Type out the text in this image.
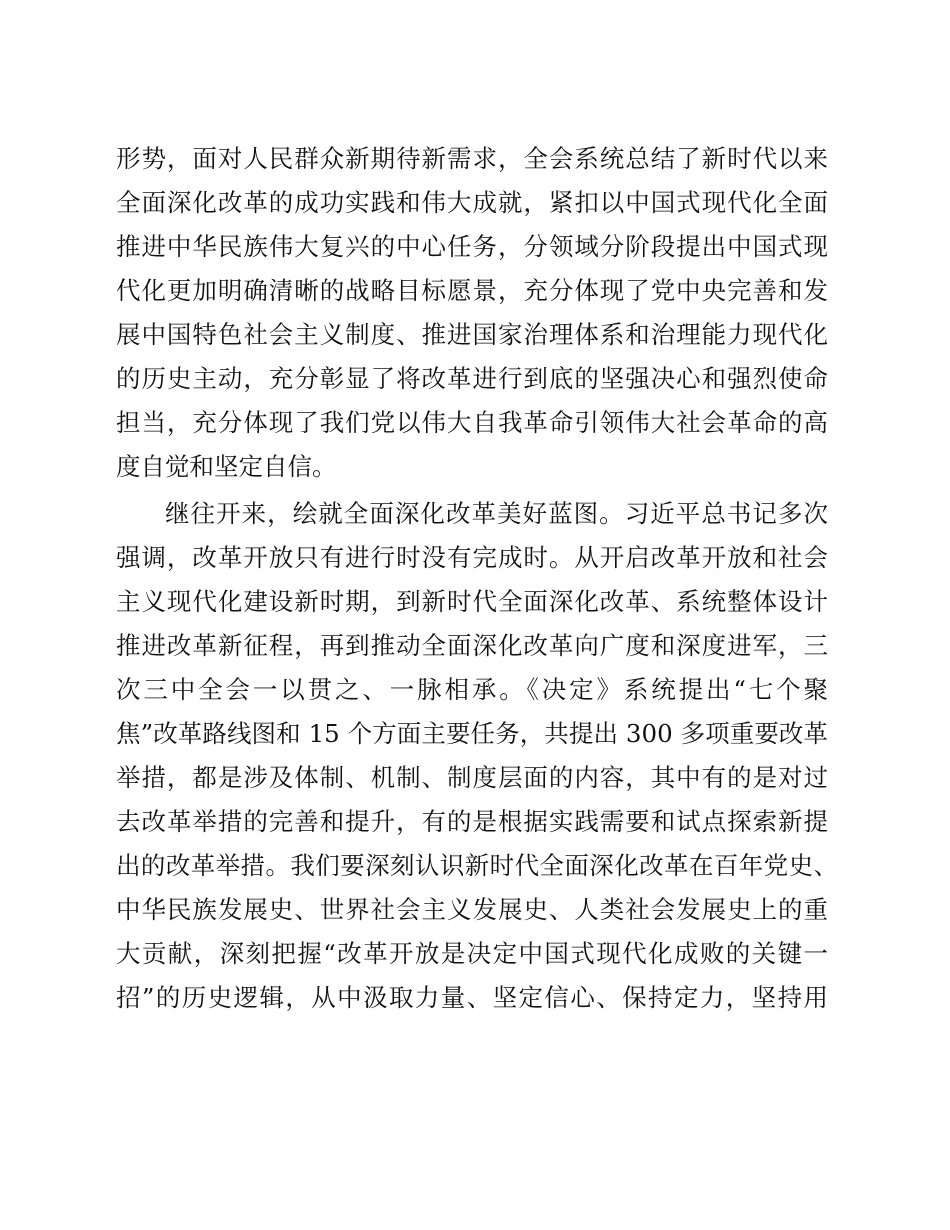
形势，面对人民群众新期待新需求，全会系统总结了新时代以来
全面深化改革的成功实践和伟大成就，紧扣以中国式现代化全面
推进中华民族伟大复兴的中心任务，分领域分阶段提出中国式现
代化更加明确清晰的战略目标愿景，充分体现了党中央完善和发
展中国特色社会主义制度、推进国家治理体系和治理能力现代化
的历史主动，充分彰显了将改革进行到底的坚强决心和强烈使命
担当，充分体现了我们党以伟大自我革命引领伟大社会革命的高
度自觉和坚定自信。
继往开来，绘就全面深化改革美好蓝图。习近平总书记多次
强调，改革开放只有进行时没有完成时。从开启改革开放和社会
主义现代化建设新时期，到新时代全面深化改革、系统整体设计
推进改革新征程，再到推动全面深化改革向广度和深度进军，三
次三中全会一以贯之、一脉相承。《决定》系统提出“七个聚
焦”改革路线图和 15 个方面主要任务，共提出 300 多项重要改革
举措，都是涉及体制、机制、制度层面的内容，其中有的是对过
去改革举措的完善和提升，有的是根据实践需要和试点探索新提
出的改革举措。我们要深刻认识新时代全面深化改革在百年党史、
中华民族发展史、世界社会主义发展史、人类社会发展史上的重
大贡献，深刻把握“改革开放是决定中国式现代化成败的关键一
招”的历史逻辑，从中汲取力量、坚定信心、保持定力，坚持用
